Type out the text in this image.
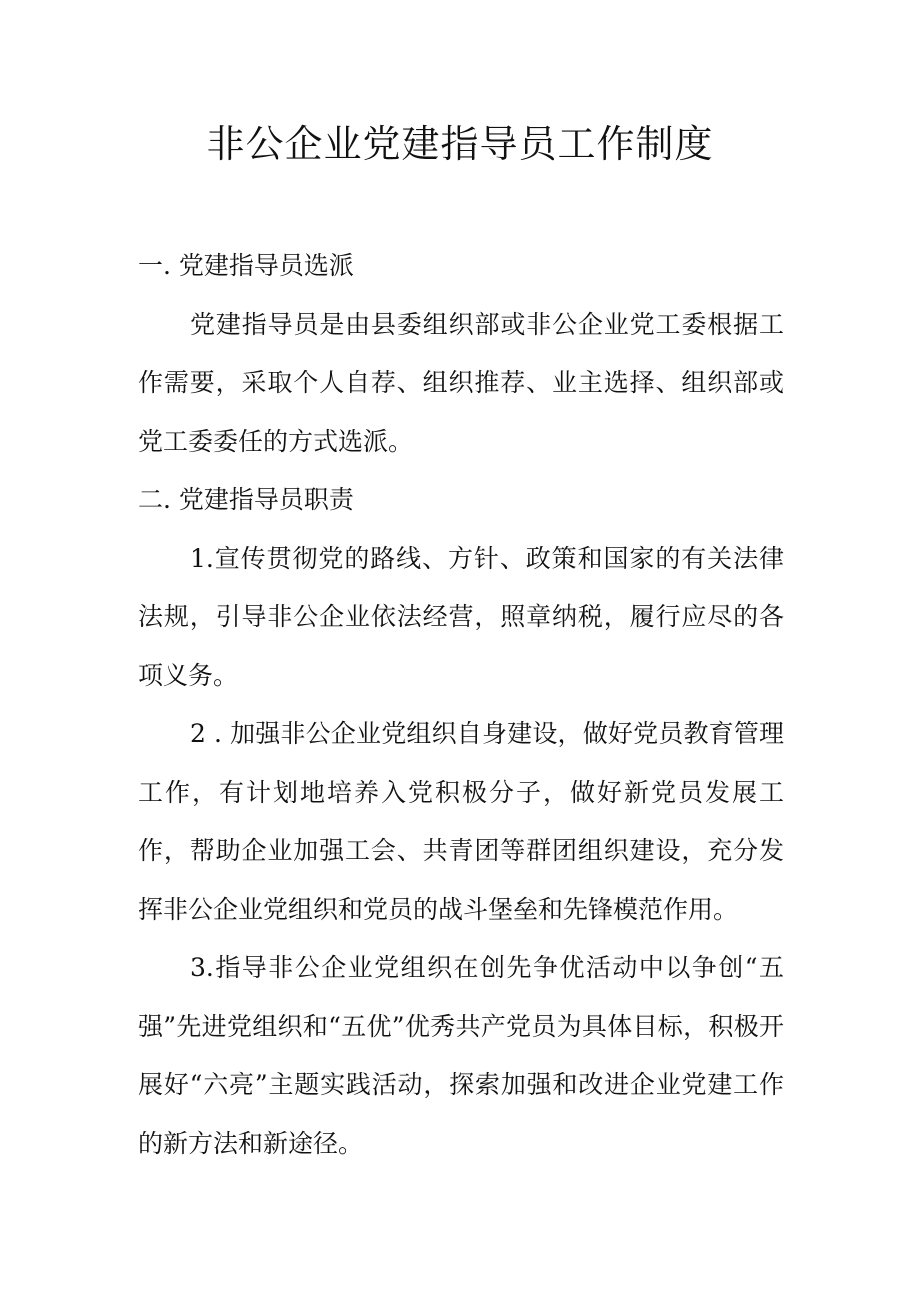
非公企业党建指导员工作制度
一. 党建指导员选派

党建指导员是由县委组织部或非公企业党工委根据工作需要，采取个人自荐、组织推荐、业主选择、组织部或党工委委任的方式选派。

二. 党建指导员职责

1.宣传贯彻党的路线、方针、政策和国家的有关法律法规，引导非公企业依法经营，照章纳税，履行应尽的各项义务。

2 . 加强非公企业党组织自身建设，做好党员教育管理工作，有计划地培养入党积极分子，做好新党员发展工作，帮助企业加强工会、共青团等群团组织建设，充分发挥非公企业党组织和党员的战斗堡垒和先锋模范作用。

3.指导非公企业党组织在创先争优活动中以争创“五强”先进党组织和“五优”优秀共产党员为具体目标，积极开展好“六亮”主题实践活动，探索加强和改进企业党建工作的新方法和新途径。
